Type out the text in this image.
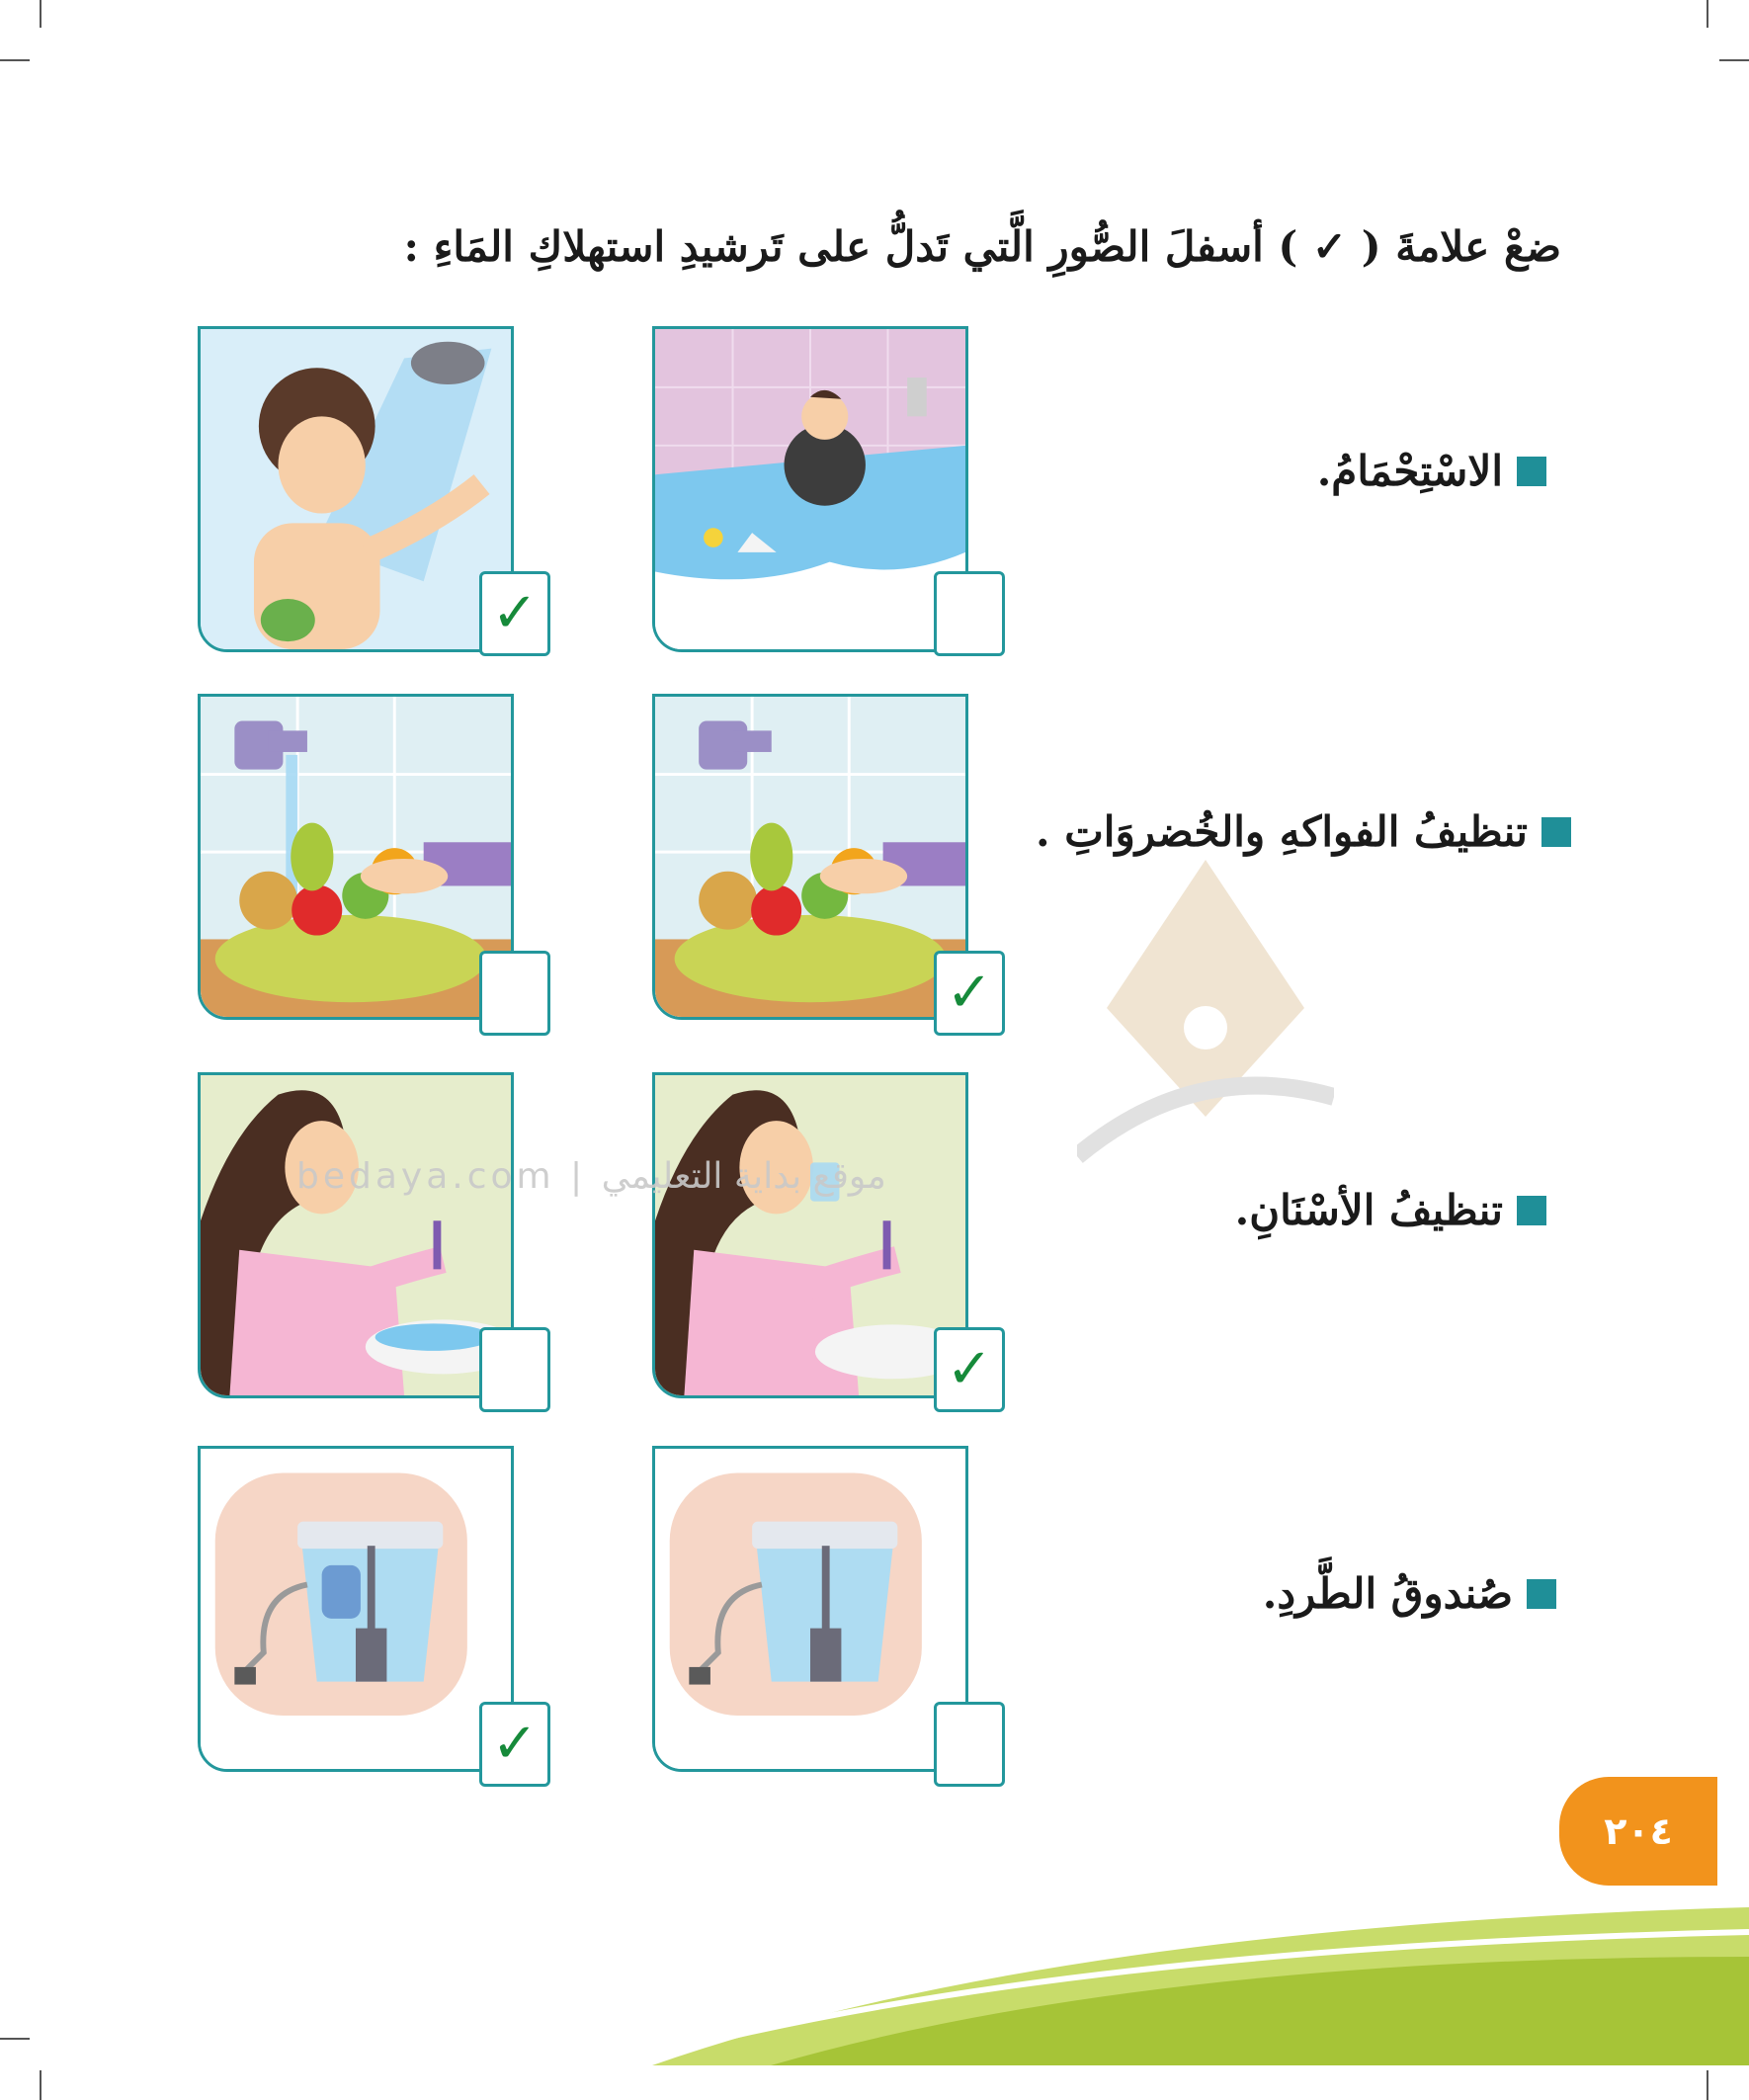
ضعْ علامةَ ( ✓ ) أسفلَ الصُّورِ الَّتي تَدلُّ على تَرشيدِ استهلاكِ المَاءِ :
الاسْتِحْمَامُ.
تنظيفُ الفواكهِ والخُضروَاتِ .
تنظيفُ الأسْنَانِ.
صُندوقُ الطَّردِ.
✓
✓
✓
✓
bedaya.com | موقع بداية التعليمي
٢٠٤
